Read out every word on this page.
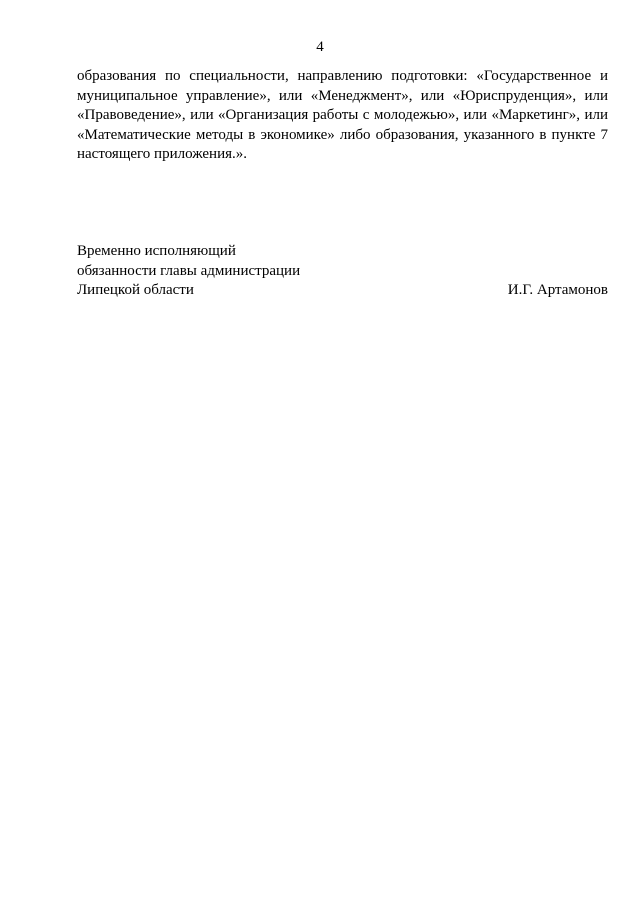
4
образования по специальности, направлению подготовки: «Государственное и
муниципальное управление», или «Менеджмент», или «Юриспруденция», или
«Правоведение», или «Организация работы с молодежью», или «Маркетинг», или
«Математические методы в экономике» либо образования, указанного в пункте 7
настоящего приложения.».
Временно исполняющий
обязанности главы администрации
Липецкой области	И.Г. Артамонов
